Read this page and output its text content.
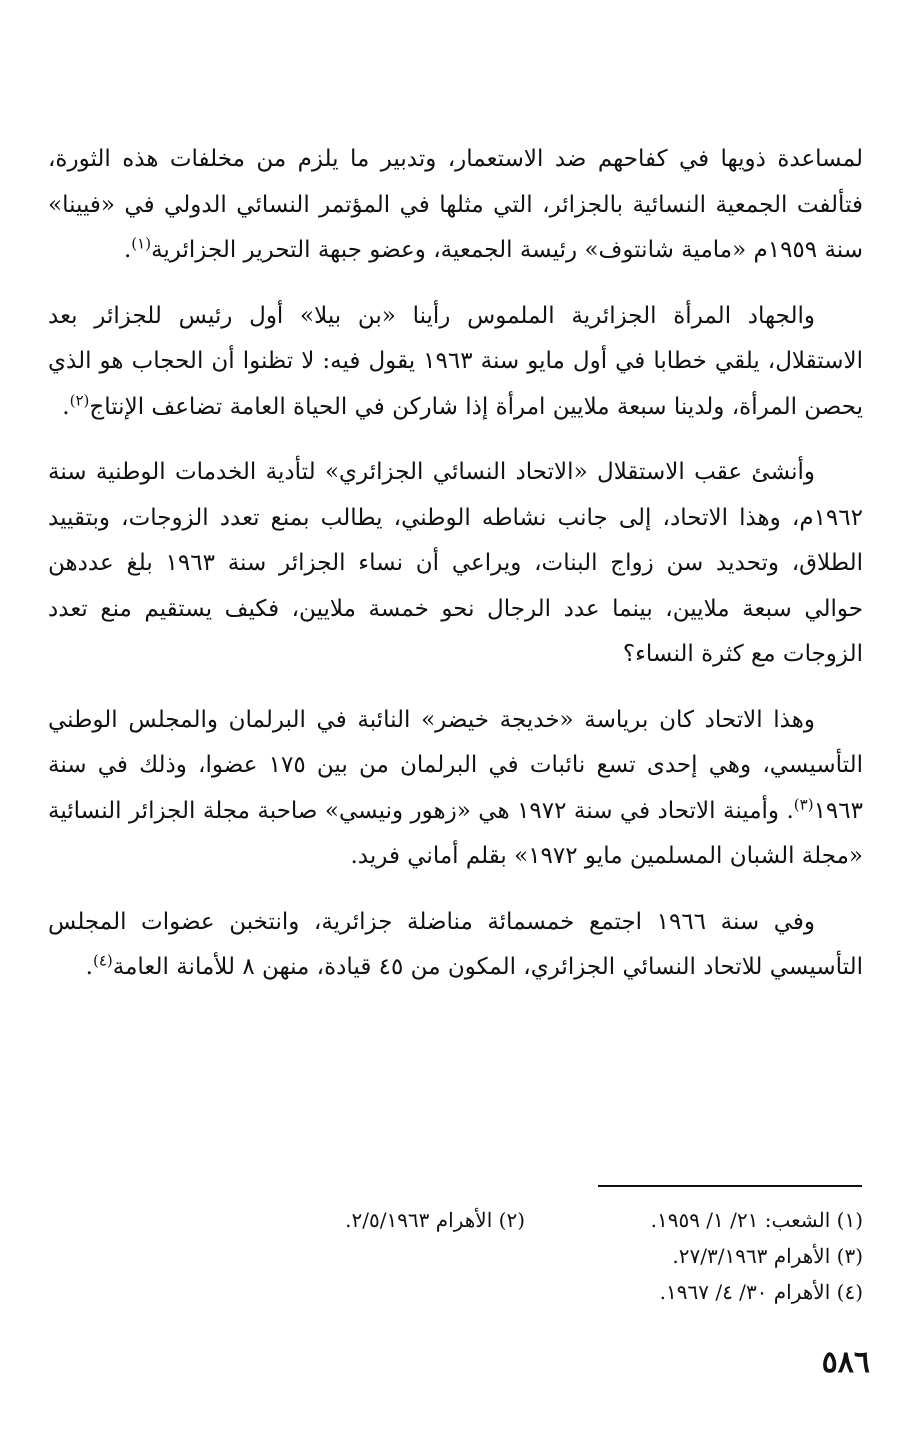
لمساعدة ذويها في كفاحهم ضد الاستعمار، وتدبير ما يلزم من مخلفات هذه الثورة، فتألفت الجمعية النسائية بالجزائر، التي مثلها في المؤتمر النسائي الدولي في «فيينا» سنة ١٩٥٩م «مامية شانتوف» رئيسة الجمعية، وعضو جبهة التحرير الجزائرية$^{(١)}$.

والجهاد المرأة الجزائرية الملموس رأينا «بن بيلا» أول رئيس للجزائر بعد الاستقلال، يلقي خطابا في أول مايو سنة ١٩٦٣ يقول فيه: لا تظنوا أن الحجاب هو الذي يحصن المرأة، ولدينا سبعة ملايين امرأة إذا شاركن في الحياة العامة تضاعف الإنتاج$^{(٢)}$.

وأنشئ عقب الاستقلال «الاتحاد النسائي الجزائري» لتأدية الخدمات الوطنية سنة ١٩٦٢م، وهذا الاتحاد، إلى جانب نشاطه الوطني، يطالب بمنع تعدد الزوجات، وبتقييد الطلاق، وتحديد سن زواج البنات، ويراعي أن نساء الجزائر سنة ١٩٦٣ بلغ عددهن حوالي سبعة ملايين، بينما عدد الرجال نحو خمسة ملايين، فكيف يستقيم منع تعدد الزوجات مع كثرة النساء؟

وهذا الاتحاد كان برياسة «خديجة خيضر» النائبة في البرلمان والمجلس الوطني التأسيسي، وهي إحدى تسع نائبات في البرلمان من بين ١٧٥ عضوا، وذلك في سنة ١٩٦٣$^{(٣)}$. وأمينة الاتحاد في سنة ١٩٧٢ هي «زهور ونيسي» صاحبة مجلة الجزائر النسائية «مجلة الشبان المسلمين مايو ١٩٧٢» بقلم أماني فريد.

وفي سنة ١٩٦٦ اجتمع خمسمائة مناضلة جزائرية، وانتخبن عضوات المجلس التأسيسي للاتحاد النسائي الجزائري، المكون من ٤٥ قيادة، منهن ٨ للأمانة العامة$^{(٤)}$.

(١) الشعب: ٢١/ ١/ ١٩٥٩.
(٢) الأهرام ٢/٥/١٩٦٣.
(٣) الأهرام ٢٧/٣/١٩٦٣.
(٤) الأهرام ٣٠/ ٤/ ١٩٦٧.
٥٨٦
